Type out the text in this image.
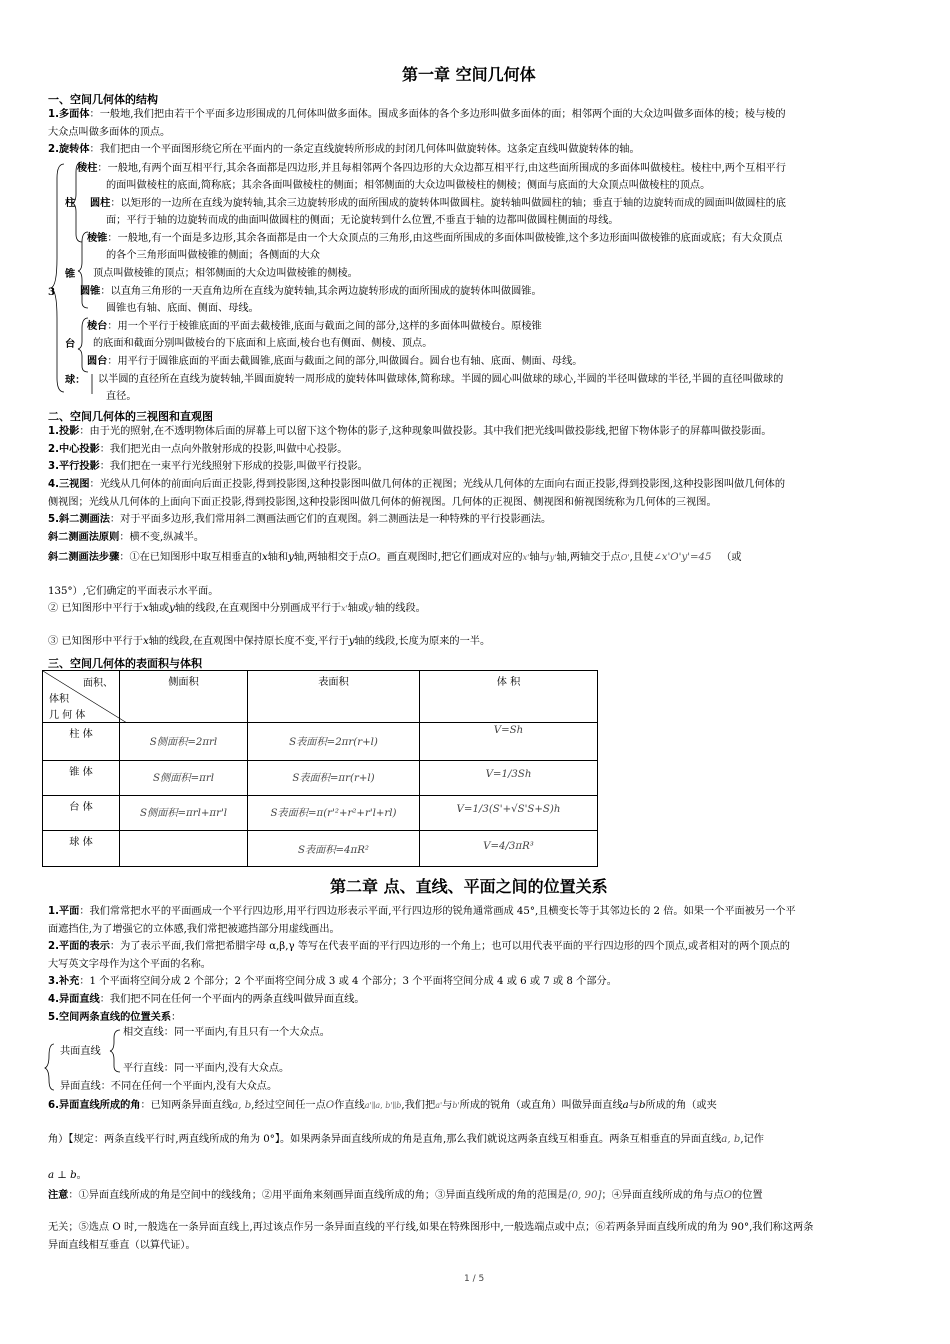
第一章 空间几何体
一、空间几何体的结构
1.多面体：一般地,我们把由若干个平面多边形围成的几何体叫做多面体。围成多面体的各个多边形叫做多面体的面；相邻两个面的大众边叫做多面体的棱；棱与棱的
大众点叫做多面体的顶点。
2.旋转体：我们把由一个平面图形绕它所在平面内的一条定直线旋转所形成的封闭几何体叫做旋转体。这条定直线叫做旋转体的轴。
3
柱
锥
台
球：
棱柱：一般地,有两个面互相平行,其余各面都是四边形,并且每相邻两个各四边形的大众边都互相平行,由这些面所围成的多面体叫做棱柱。棱柱中,两个互相平行
的面叫做棱柱的底面,简称底；其余各面叫做棱柱的侧面；相邻侧面的大众边叫做棱柱的侧棱；侧面与底面的大众顶点叫做棱柱的顶点。
圆柱：以矩形的一边所在直线为旋转轴,其余三边旋转形成的面所围成的旋转体叫做圆柱。旋转轴叫做圆柱的轴；垂直于轴的边旋转而成的圆面叫做圆柱的底
面；平行于轴的边旋转而成的曲面叫做圆柱的侧面；无论旋转到什么位置,不垂直于轴的边都叫做圆柱侧面的母线。
棱锥：一般地,有一个面是多边形,其余各面都是由一个大众顶点的三角形,由这些面所围成的多面体叫做棱锥,这个多边形面叫做棱锥的底面或底；有大众顶点
的各个三角形面叫做棱锥的侧面；各侧面的大众
顶点叫做棱锥的顶点；相邻侧面的大众边叫做棱锥的侧棱。
圆锥：以直角三角形的一天直角边所在直线为旋转轴,其余两边旋转形成的面所围成的旋转体叫做圆锥。
圆锥也有轴、底面、侧面、母线。
棱台：用一个平行于棱锥底面的平面去截棱锥,底面与截面之间的部分,这样的多面体叫做棱台。原棱锥
的底面和截面分别叫做棱台的下底面和上底面,棱台也有侧面、侧棱、顶点。
圆台：用平行于圆锥底面的平面去截圆锥,底面与截面之间的部分,叫做圆台。圆台也有轴、底面、侧面、母线。
以半圆的直径所在直线为旋转轴,半圆面旋转一周形成的旋转体叫做球体,简称球。半圆的圆心叫做球的球心,半圆的半径叫做球的半径,半圆的直径叫做球的
直径。
二、空间几何体的三视图和直观图
1.投影：由于光的照射,在不透明物体后面的屏幕上可以留下这个物体的影子,这种现象叫做投影。其中我们把光线叫做投影线,把留下物体影子的屏幕叫做投影面。
2.中心投影：我们把光由一点向外散射形成的投影,叫做中心投影。
3.平行投影：我们把在一束平行光线照射下形成的投影,叫做平行投影。
4.三视图：光线从几何体的前面向后面正投影,得到投影图,这种投影图叫做几何体的正视图；光线从几何体的左面向右面正投影,得到投影图,这种投影图叫做几何体的
侧视图；光线从几何体的上面向下面正投影,得到投影图,这种投影图叫做几何体的俯视图。几何体的正视图、侧视图和俯视图统称为几何体的三视图。
5.斜二测画法：对于平面多边形,我们常用斜二测画法画它们的直观图。斜二测画法是一种特殊的平行投影画法。
斜二测画法原则：横不变,纵减半。
斜二测画法步骤：①在已知图形中取互相垂直的x轴和y轴,两轴相交于点O。画直观图时,把它们画成对应的x'轴与y'轴,两轴交于点O',且使∠x'O'y'=45 （或
135°）,它们确定的平面表示水平面。
② 已知图形中平行于x轴或y轴的线段,在直观图中分别画成平行于x'轴或y'轴的线段。
③ 已知图形中平行于x轴的线段,在直观图中保持原长度不变,平行于y轴的线段,长度为原来的一半。
三、空间几何体的表面积与体积
面积、
体积
几 何 体	侧面积	表面积	体 积
柱 体	S侧面积=2πrl	S表面积=2πr(r+l)	V=Sh
锥 体	S侧面积=πrl	S表面积=πr(r+l)	V=1/3Sh
台 体	S侧面积=πrl+πr'l	S表面积=π(r'²+r²+r'l+rl)	V=1/3(S'+√S'S+S)h
球 体		S表面积=4πR²	V=4/3πR³
第二章 点、直线、平面之间的位置关系
1.平面：我们常常把水平的平面画成一个平行四边形,用平行四边形表示平面,平行四边形的锐角通常画成 45°,且横变长等于其邻边长的 2 倍。如果一个平面被另一个平
面遮挡住,为了增强它的立体感,我们常把被遮挡部分用虚线画出。
2.平面的表示：为了表示平面,我们常把希腊字母 α,β,γ 等写在代表平面的平行四边形的一个角上；也可以用代表平面的平行四边形的四个顶点,或者相对的两个顶点的
大写英文字母作为这个平面的名称。
3.补充：1 个平面将空间分成 2 个部分；2 个平面将空间分成 3 或 4 个部分；3 个平面将空间分成 4 或 6 或 7 或 8 个部分。
4.异面直线：我们把不同在任何一个平面内的两条直线叫做异面直线。
5.空间两条直线的位置关系：
共面直线
相交直线：同一平面内,有且只有一个大众点。
平行直线：同一平面内,没有大众点。
异面直线：不同在任何一个平面内,没有大众点。
6.异面直线所成的角：已知两条异面直线a, b,经过空间任一点O作直线a'∥a, b'∥b,我们把a'与b'所成的锐角（或直角）叫做异面直线a与b所成的角（或夹
角）【规定：两条直线平行时,两直线所成的角为 0°】。如果两条异面直线所成的角是直角,那么我们就说这两条直线互相垂直。两条互相垂直的异面直线a, b,记作
a ⊥ b。
注意：①异面直线所成的角是空间中的线线角；②用平面角来刻画异面直线所成的角；③异面直线所成的角的范围是(0, 90]；④异面直线所成的角与点O的位置
无关；⑤选点 O 时,一般选在一条异面直线上,再过该点作另一条异面直线的平行线,如果在特殊图形中,一般选端点或中点；⑥若两条异面直线所成的角为 90°,我们称这两条
异面直线相互垂直（以算代证）。
1 / 5
